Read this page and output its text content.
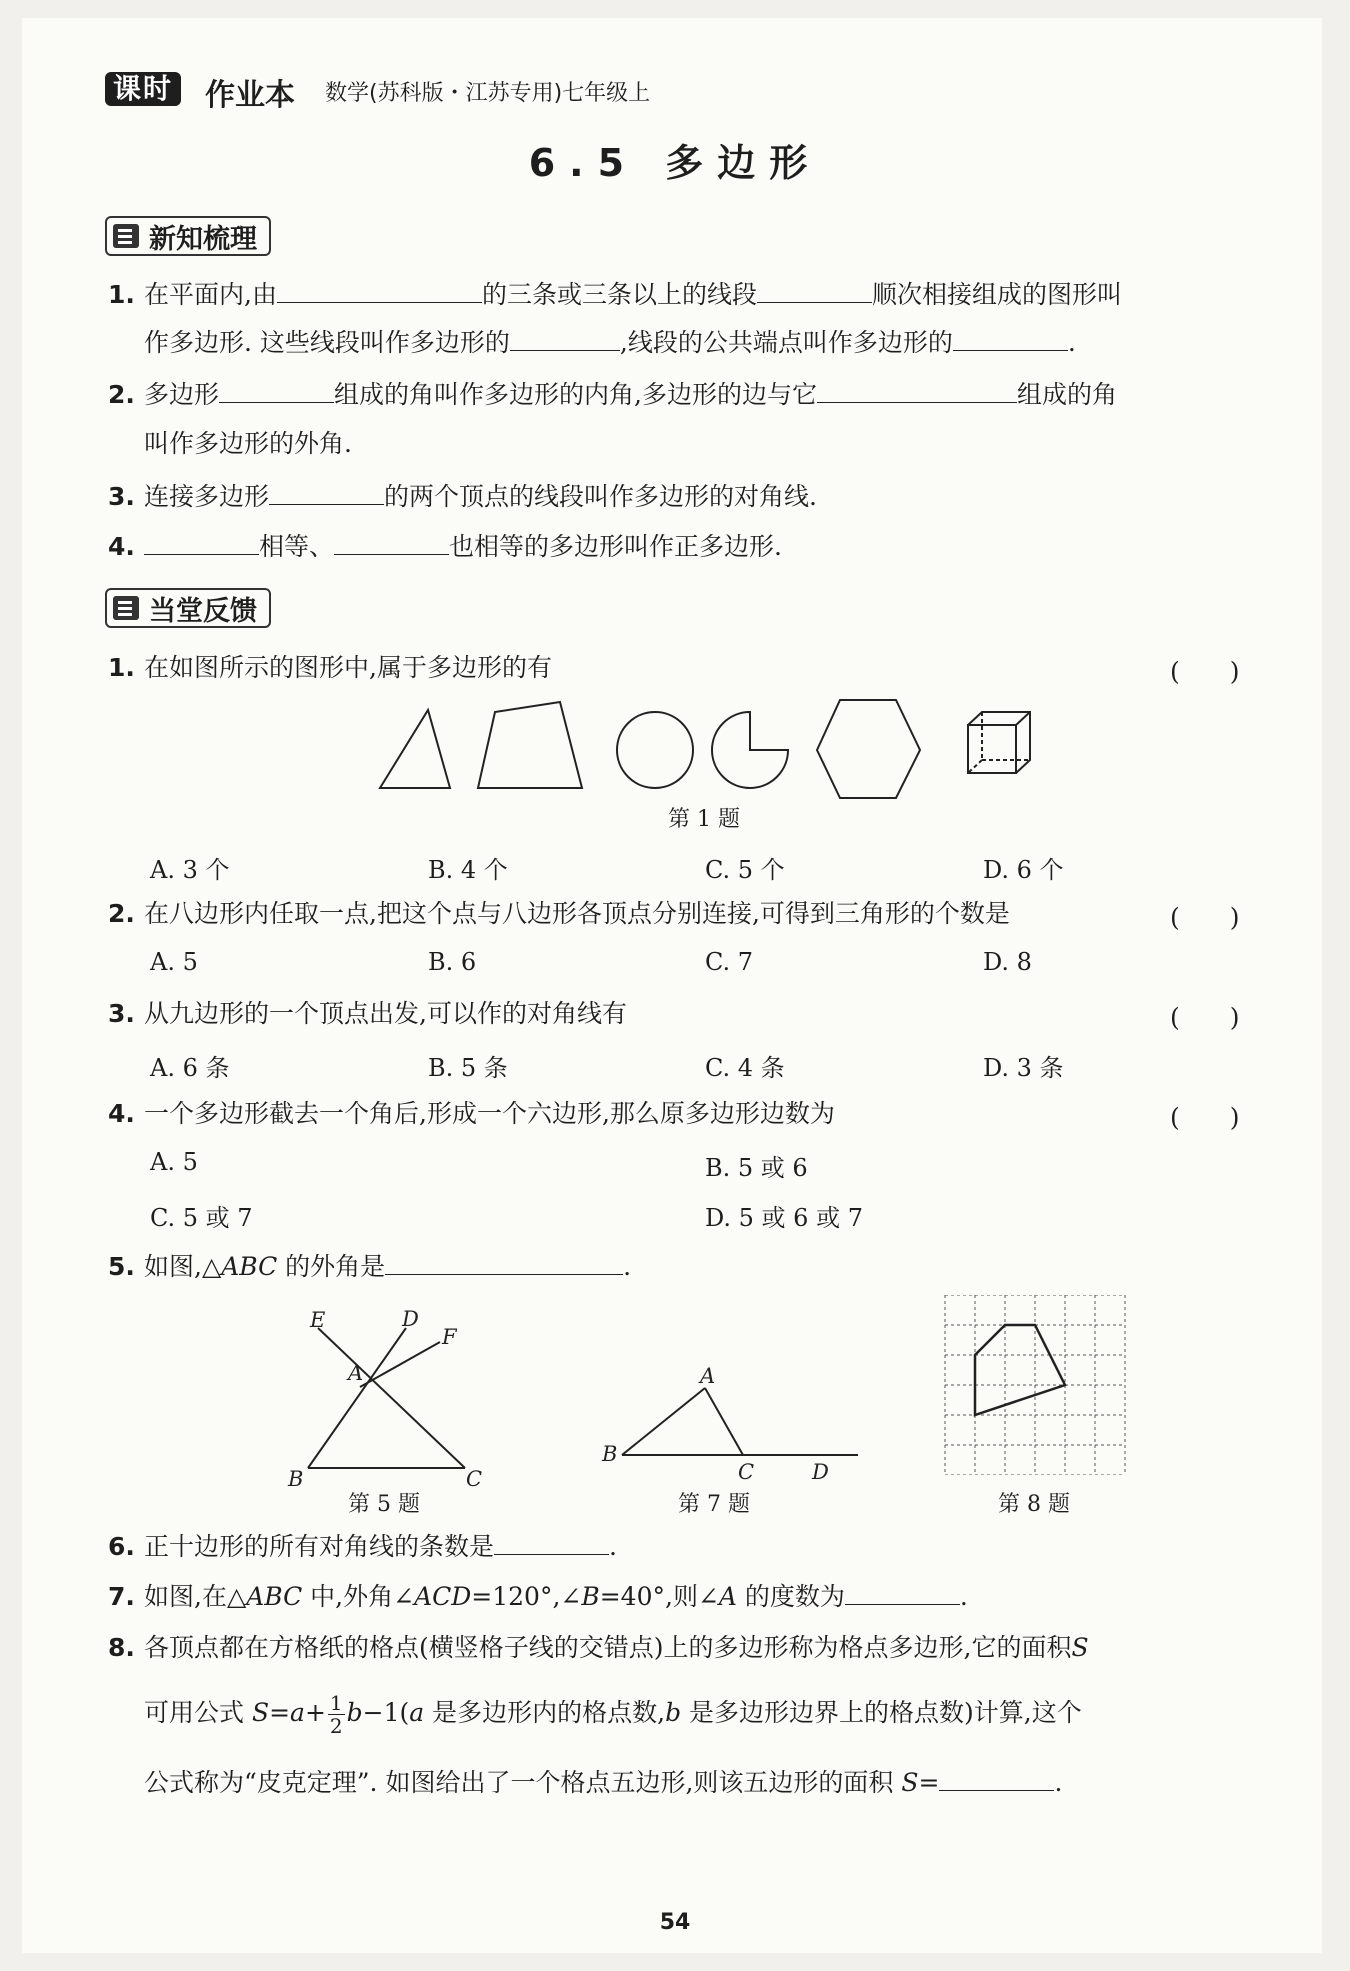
课时 作业本 数学(苏科版・江苏专用)七年级上
6.5 多边形
新知梳理
1. 在平面内,由	的三条或三条以上的线段	顺次相接组成的图形叫
作多边形. 这些线段叫作多边形的	,线段的公共端点叫作多边形的	.
2. 多边形	组成的角叫作多边形的内角,多边形的边与它	组成的角
叫作多边形的外角.
3. 连接多边形	的两个顶点的线段叫作多边形的对角线.
4.	相等、	也相等的多边形叫作正多边形.
当堂反馈
1. 在如图所示的图形中,属于多边形的有	(　　)
第 1 题
A. 3 个	B. 4 个	C. 5 个	D. 6 个
2. 在八边形内任取一点,把这个点与八边形各顶点分别连接,可得到三角形的个数是	(　　)
A. 5	B. 6	C. 7	D. 8
3. 从九边形的一个顶点出发,可以作的对角线有	(　　)
A. 6 条	B. 5 条	C. 4 条	D. 3 条
4. 一个多边形截去一个角后,形成一个六边形,那么原多边形边数为	(　　)
A. 5	B. 5 或 6
C. 5 或 7	D. 5 或 6 或 7
5. 如图,△ABC 的外角是	.
E	D
F
A
B	C
第 5 题
A
B
C	D
第 7 题	第 8 题
6. 正十边形的所有对角线的条数是	.
7. 如图,在△ABC 中,外角∠ACD=120°,∠B=40°,则∠A 的度数为	.
8. 各顶点都在方格纸的格点(横竖格子线的交错点)上的多边形称为格点多边形,它的面积S
可用公式 $S=a+ \frac{1}{2} b-1(a$ 是多边形内的格点数,b 是多边形边界上的格点数)计算,这个
公式称为“皮克定理”. 如图给出了一个格点五边形,则该五边形的面积 S=	.
54
